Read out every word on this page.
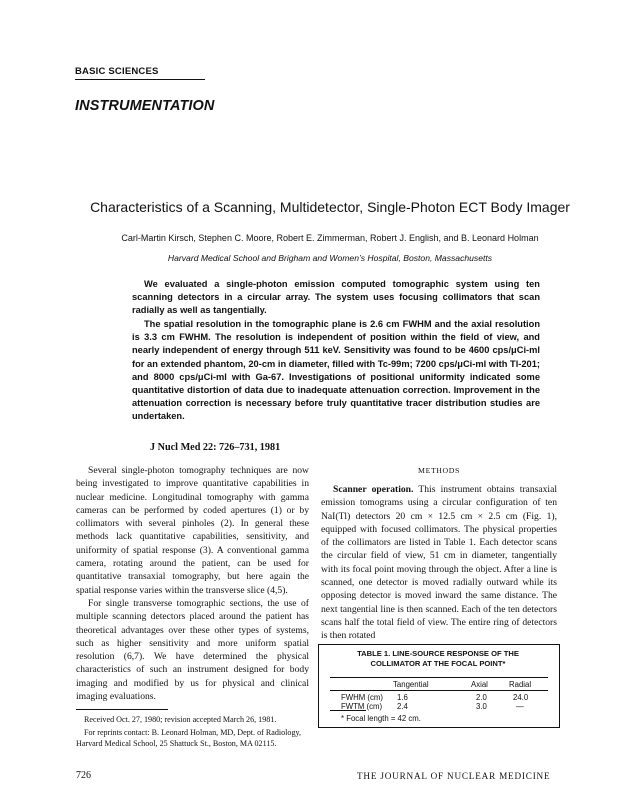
BASIC SCIENCES
INSTRUMENTATION
Characteristics of a Scanning, Multidetector, Single-Photon ECT Body Imager
Carl-Martin Kirsch, Stephen C. Moore, Robert E. Zimmerman, Robert J. English, and B. Leonard Holman
Harvard Medical School and Brigham and Women’s Hospital, Boston, Massachusetts

We evaluated a single-photon emission computed tomographic system using ten scanning detectors in a circular array. The system uses focusing collimators that scan radially as well as tangentially.

The spatial resolution in the tomographic plane is 2.6 cm FWHM and the axial resolution is 3.3 cm FWHM. The resolution is independent of position within the field of view, and nearly independent of energy through 511 keV. Sensitivity was found to be 4600 cps/μCi-ml for an extended phantom, 20-cm in diameter, filled with Tc-99m; 7200 cps/μCi-ml with Tl-201; and 8000 cps/μCi-ml with Ga-67. Investigations of positional uniformity indicated some quantitative distortion of data due to inadequate attenuation correction. Improvement in the attenuation correction is necessary before truly quantitative tracer distribution studies are undertaken.

J Nucl Med 22: 726–731, 1981

Several single-photon tomography techniques are now being investigated to improve quantitative capabilities in nuclear medicine. Longitudinal tomography with gamma cameras can be performed by coded apertures (1) or by collimators with several pinholes (2). In general these methods lack quantitative capabilities, sensitivity, and uniformity of spatial response (3). A conventional gamma camera, rotating around the patient, can be used for quantitative transaxial tomography, but here again the spatial response varies within the transverse slice (4,5).

For single transverse tomographic sections, the use of multiple scanning detectors placed around the patient has theoretical advantages over these other types of systems, such as higher sensitivity and more uniform spatial resolution (6,7). We have determined the physical characteristics of such an instrument designed for body imaging and modified by us for physical and clinical imaging evaluations.

METHODS

Scanner operation. This instrument obtains transaxial emission tomograms using a circular configuration of ten NaI(Tl) detectors 20 cm × 12.5 cm × 2.5 cm (Fig. 1), equipped with focused collimators. The physical properties of the collimators are listed in Table 1. Each detector scans the circular field of view, 51 cm in diameter, tangentially with its focal point moving through the object. After a line is scanned, one detector is moved radially outward while its opposing detector is moved inward the same distance. The next tangential line is then scanned. Each of the ten detectors scans half the total field of view. The entire ring of detectors is then rotated

Received Oct. 27, 1980; revision accepted March 26, 1981.

For reprints contact: B. Leonard Holman, MD, Dept. of Radiology, Harvard Medical School, 25 Shattuck St., Boston, MA 02115.

TABLE 1. LINE-SOURCE RESPONSE OF THE
COLLIMATOR AT THE FOCAL POINT*
Tangential	Axial	Radial
FWHM (cm) 1.6	2.0	24.0
FWTM (cm) 2.4	3.0	—
* Focal length = 42 cm.
726	THE JOURNAL OF NUCLEAR MEDICINE
